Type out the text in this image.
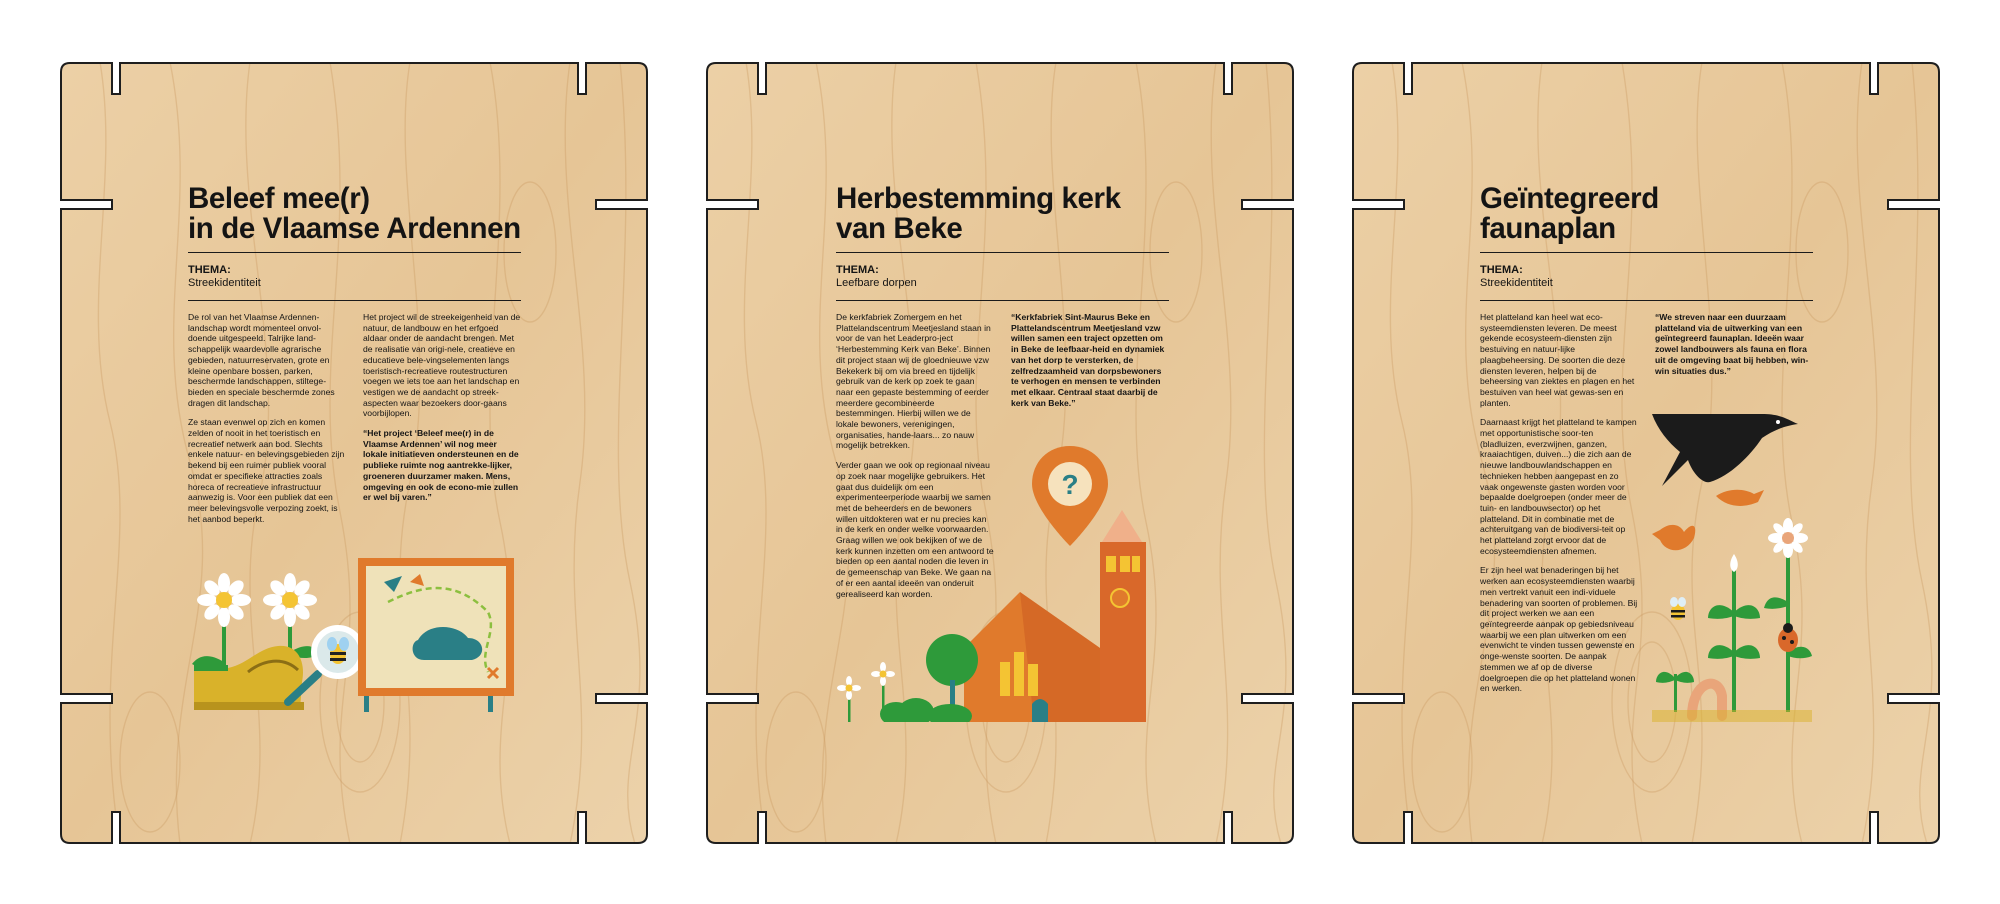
Beleef mee(r)
in de Vlaamse Ardennen
THEMA:
Streekidentiteit

De rol van het Vlaamse Ardennen-landschap wordt momenteel onvol-doende uitgespeeld. Talrijke land-schappelijk waardevolle agrarische gebieden, natuurreservaten, grote en kleine openbare bossen, parken, beschermde landschappen, stiltege-bieden en speciale beschermde zones dragen dit landschap.

Ze staan evenwel op zich en komen zelden of nooit in het toeristisch en recreatief netwerk aan bod. Slechts enkele natuur- en belevingsgebieden zijn bekend bij een ruimer publiek vooral omdat er specifieke attracties zoals horeca of recreatieve infrastructuur aanwezig is. Voor een publiek dat een meer belevingsvolle verpozing zoekt, is het aanbod beperkt.

Het project wil de streekeigenheid van de natuur, de landbouw en het erfgoed aldaar onder de aandacht brengen. Met de realisatie van origi-nele, creatieve en educatieve bele-vingselementen langs toeristisch-recreatieve routestructuren voegen we iets toe aan het landschap en vestigen we de aandacht op streek-aspecten waar bezoekers door-gaans voorbijlopen.

“Het project ‘Beleef mee(r) in de Vlaamse Ardennen’ wil nog meer lokale initiatieven ondersteunen en de publieke ruimte nog aantrekke-lijker, groeneren duurzamer maken. Mens, omgeving en ook de econo-mie zullen er wel bij varen.”

Herbestemming kerk
van Beke
THEMA:
Leefbare dorpen

De kerkfabriek Zomergem en het Plattelandscentrum Meetjesland staan in voor de van het Leaderpro-ject ‘Herbestemming Kerk van Beke’. Binnen dit project staan wij de gloednieuwe vzw Bekekerk bij om via breed en tijdelijk gebruik van de kerk op zoek te gaan naar een gepaste bestemming of eerder meerdere gecombineerde bestemmingen. Hierbij willen we de lokale bewoners, verenigingen, organisaties, hande-laars... zo nauw mogelijk betrekken.

Verder gaan we ook op regionaal niveau op zoek naar mogelijke gebruikers. Het gaat dus duidelijk om een experimenteerperiode waarbij we samen met de beheerders en de bewoners willen uitdokteren wat er nu precies kan in de kerk en onder welke voorwaarden. Graag willen we ook bekijken of we de kerk kunnen inzetten om een antwoord te bieden op een aantal noden die leven in de gemeenschap van Beke. We gaan na of er een aantal ideeën van onderuit gerealiseerd kan worden.

“Kerkfabriek Sint-Maurus Beke en Plattelandscentrum Meetjesland vzw willen samen een traject opzetten om in Beke de leefbaar-heid en dynamiek van het dorp te versterken, de zelfredzaamheid van dorpsbewoners te verhogen en mensen te verbinden met elkaar. Centraal staat daarbij de kerk van Beke.”

?
Geïntegreerd
faunaplan
THEMA:
Streekidentiteit

Het platteland kan heel wat eco-systeemdiensten leveren. De meest gekende ecosysteem-diensten zijn bestuiving en natuur-lijke plaagbeheersing. De soorten die deze diensten leveren, helpen bij de beheersing van ziektes en plagen en het bestuiven van heel wat gewas-sen en planten.

Daarnaast krijgt het platteland te kampen met opportunistische soor-ten (bladluizen, everzwijnen, ganzen, kraaiachtigen, duiven...) die zich aan de nieuwe landbouwlandschappen en technieken hebben aangepast en zo vaak ongewenste gasten worden voor bepaalde doelgroepen (onder meer de tuin- en landbouwsector) op het platteland. Dit in combinatie met de achteruitgang van de biodiversi-teit op het platteland zorgt ervoor dat de ecosysteemdiensten afnemen.

Er zijn heel wat benaderingen bij het werken aan ecosysteemdiensten waarbij men vertrekt vanuit een indi-viduele benadering van soorten of problemen. Bij dit project werken we aan een geïntegreerde aanpak op gebiedsniveau waarbij we een plan uitwerken om een evenwicht te vinden tussen gewenste en onge-wenste soorten. De aanpak stemmen we af op de diverse doelgroepen die op het platteland wonen en werken.

“We streven naar een duurzaam platteland via de uitwerking van een geïntegreerd faunaplan. Ideeën waar zowel landbouwers als fauna en flora uit de omgeving baat bij hebben, win-win situaties dus.”
